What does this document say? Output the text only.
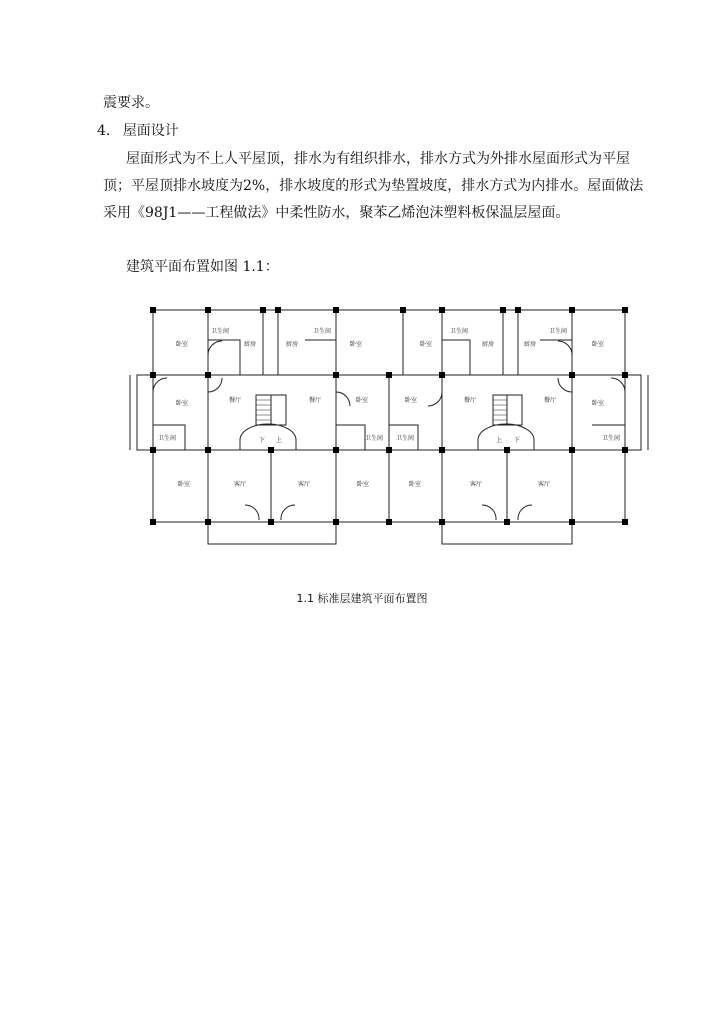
震要求。
4. 屋面设计
屋面形式为不上人平屋顶，排水为有组织排水，排水方式为外排水屋面形式为平屋
顶；平屋顶排水坡度为2%，排水坡度的形式为垫置坡度，排水方式为内排水。屋面做法
采用《98J1——工程做法》中柔性防水，聚苯乙烯泡沫塑料板保温层屋面。
建筑平面布置如图 1.1：
卧室
卫生间
厨房	厨房
卫生间
卧室	卧室
卫生间
厨房	厨房
卫生间
卧室
卧室	餐厅	餐厅	卧室	卧室	餐厅	餐厅	卧室
卫生间	卫生间 卫生间	卫生间
下 上	上 下
卧室	客厅	客厅	卧室	卧室	客厅	客厅
1.1 标准层建筑平面布置图
